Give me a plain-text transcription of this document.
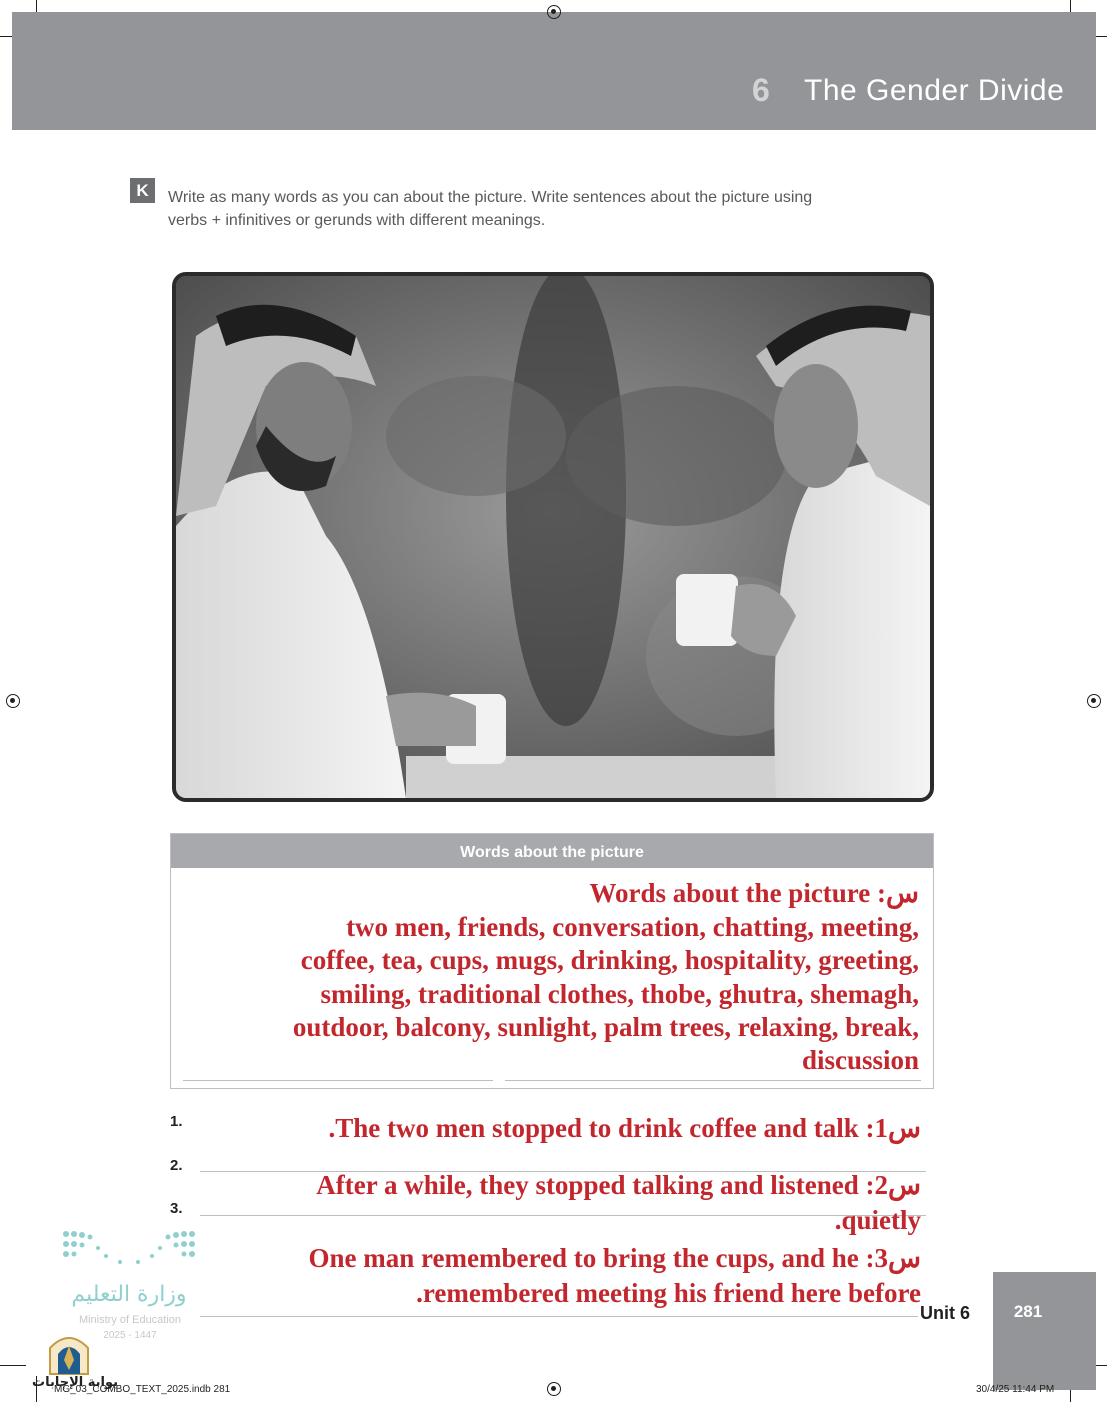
6 The Gender Divide
K	Write as many words as you can about the picture. Write sentences about the picture using
verbs + infinitives or gerunds with different meanings.
Words about the picture
Words about the picture :س
two men, friends, conversation, chatting, meeting,
coffee, tea, cups, mugs, drinking, hospitality, greeting,
smiling, traditional clothes, thobe, ghutra, shemagh,
outdoor, balcony, sunlight, palm trees, relaxing, break,
discussion
1.
2.
3.
.The two men stopped to drink coffee and talk :1س
After a while, they stopped talking and listened :2س
.quietly
One man remembered to bring the cups, and he :3س
.remembered meeting his friend here before
وزارة التعليم
Ministry of Education
2025 - 1447
بوابة الإجابات
281
Unit 6
MG_03_COMBO_TEXT_2025.indb 281	30/4/25 11:44 PM
